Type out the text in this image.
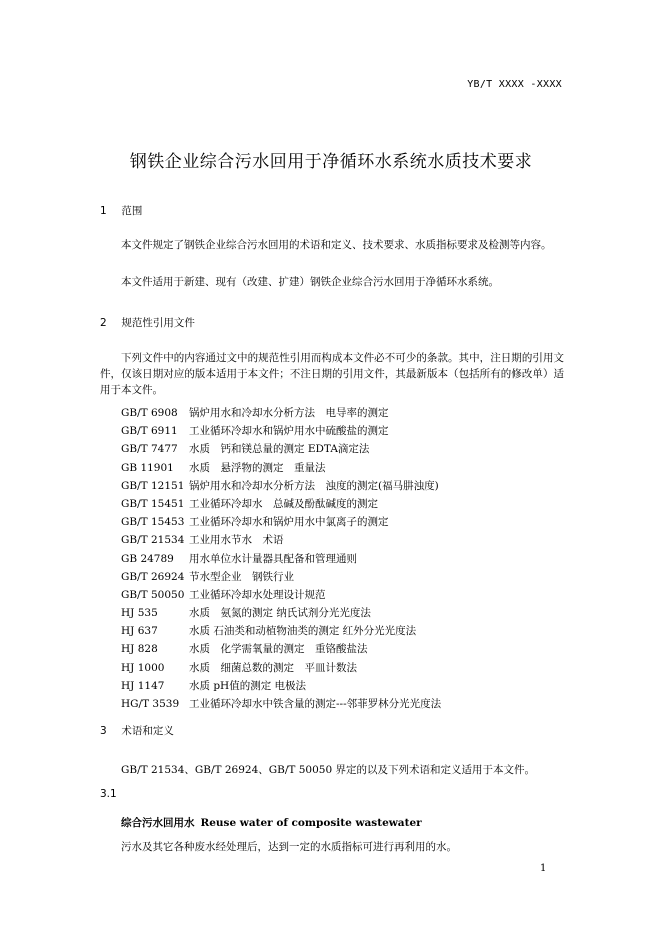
YB/T XXXX -XXXX
钢铁企业综合污水回用于净循环水系统水质技术要求
1 范围

本文件规定了钢铁企业综合污水回用的术语和定义、技术要求、水质指标要求及检测等内容。

本文件适用于新建、现有（改建、扩建）钢铁企业综合污水回用于净循环水系统。

2 规范性引用文件

下列文件中的内容通过文中的规范性引用而构成本文件必不可少的条款。其中，注日期的引用文件，仅该日期对应的版本适用于本文件；不注日期的引用文件，其最新版本（包括所有的修改单）适用于本文件。

GB/T 6908 锅炉用水和冷却水分析方法　电导率的测定
GB/T 6911 工业循环冷却水和锅炉用水中硫酸盐的测定
GB/T 7477 水质　钙和镁总量的测定 EDTA滴定法
GB 11901 水质　悬浮物的测定　重量法
GB/T 12151 锅炉用水和冷却水分析方法　浊度的测定(福马肼浊度)
GB/T 15451 工业循环冷却水　总碱及酚酞碱度的测定
GB/T 15453 工业循环冷却水和锅炉用水中氯离子的测定
GB/T 21534 工业用水节水　术语
GB 24789 用水单位水计量器具配备和管理通则
GB/T 26924 节水型企业　钢铁行业
GB/T 50050 工业循环冷却水处理设计规范
HJ 535	水质　氨氮的测定 纳氏试剂分光光度法
HJ 637	水质 石油类和动植物油类的测定 红外分光光度法
HJ 828	水质　化学需氧量的测定　重铬酸盐法
HJ 1000 水质　细菌总数的测定　平皿计数法
HJ 1147 水质 pH值的测定 电极法
HG/T 3539 工业循环冷却水中铁含量的测定---邻菲罗林分光光度法
3 术语和定义

GB/T 21534、GB/T 26924、GB/T 50050 界定的以及下列术语和定义适用于本文件。

3.1
综合污水回用水 Reuse water of composite wastewater
污水及其它各种废水经处理后，达到一定的水质指标可进行再利用的水。
1
